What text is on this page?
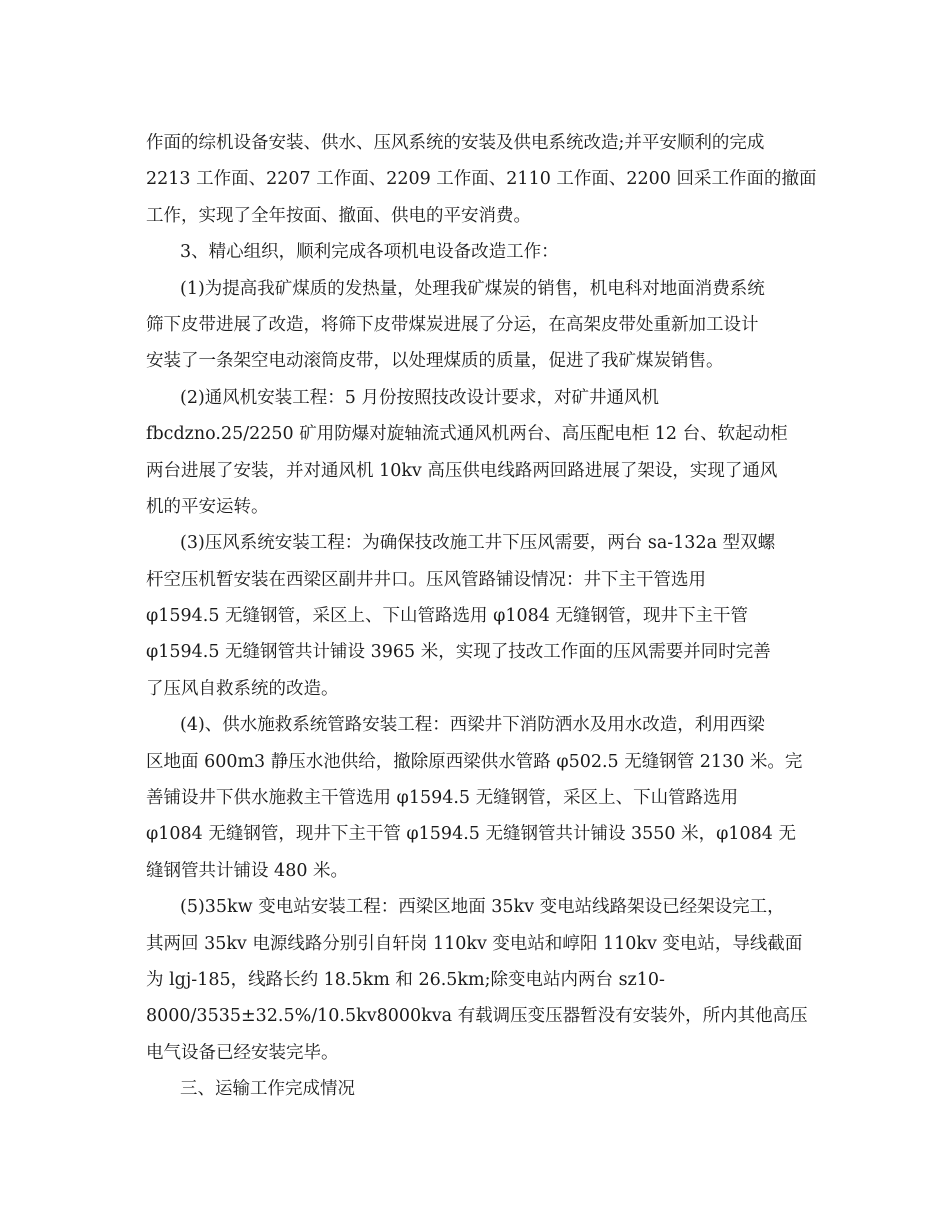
作面的综机设备安装、供水、压风系统的安装及供电系统改造;并平安顺利的完成
2213 工作面、2207 工作面、2209 工作面、2110 工作面、2200 回采工作面的撤面
工作，实现了全年按面、撤面、供电的平安消费。
3、精心组织，顺利完成各项机电设备改造工作：
(1)为提高我矿煤质的发热量，处理我矿煤炭的销售，机电科对地面消费系统
筛下皮带进展了改造，将筛下皮带煤炭进展了分运，在高架皮带处重新加工设计
安装了一条架空电动滚筒皮带，以处理煤质的质量，促进了我矿煤炭销售。
(2)通风机安装工程：5 月份按照技改设计要求，对矿井通风机
fbcdzno.25/2250 矿用防爆对旋轴流式通风机两台、高压配电柜 12 台、软起动柜
两台进展了安装，并对通风机 10kv 高压供电线路两回路进展了架设，实现了通风
机的平安运转。
(3)压风系统安装工程：为确保技改施工井下压风需要，两台 sa-132a 型双螺
杆空压机暂安装在西梁区副井井口。压风管路铺设情况：井下主干管选用
φ1594.5 无缝钢管，采区上、下山管路选用 φ1084 无缝钢管，现井下主干管
φ1594.5 无缝钢管共计铺设 3965 米，实现了技改工作面的压风需要并同时完善
了压风自救系统的改造。
(4)、供水施救系统管路安装工程：西梁井下消防洒水及用水改造，利用西梁
区地面 600m3 静压水池供给，撤除原西梁供水管路 φ502.5 无缝钢管 2130 米。完
善铺设井下供水施救主干管选用 φ1594.5 无缝钢管，采区上、下山管路选用
φ1084 无缝钢管，现井下主干管 φ1594.5 无缝钢管共计铺设 3550 米，φ1084 无
缝钢管共计铺设 480 米。
(5)35kw 变电站安装工程：西梁区地面 35kv 变电站线路架设已经架设完工，
其两回 35kv 电源线路分别引自轩岗 110kv 变电站和崞阳 110kv 变电站，导线截面
为 lgj-185，线路长约 18.5km 和 26.5km;除变电站内两台 sz10-
8000/3535±32.5%/10.5kv8000kva 有载调压变压器暂没有安装外，所内其他高压
电气设备已经安装完毕。
三、运输工作完成情况
